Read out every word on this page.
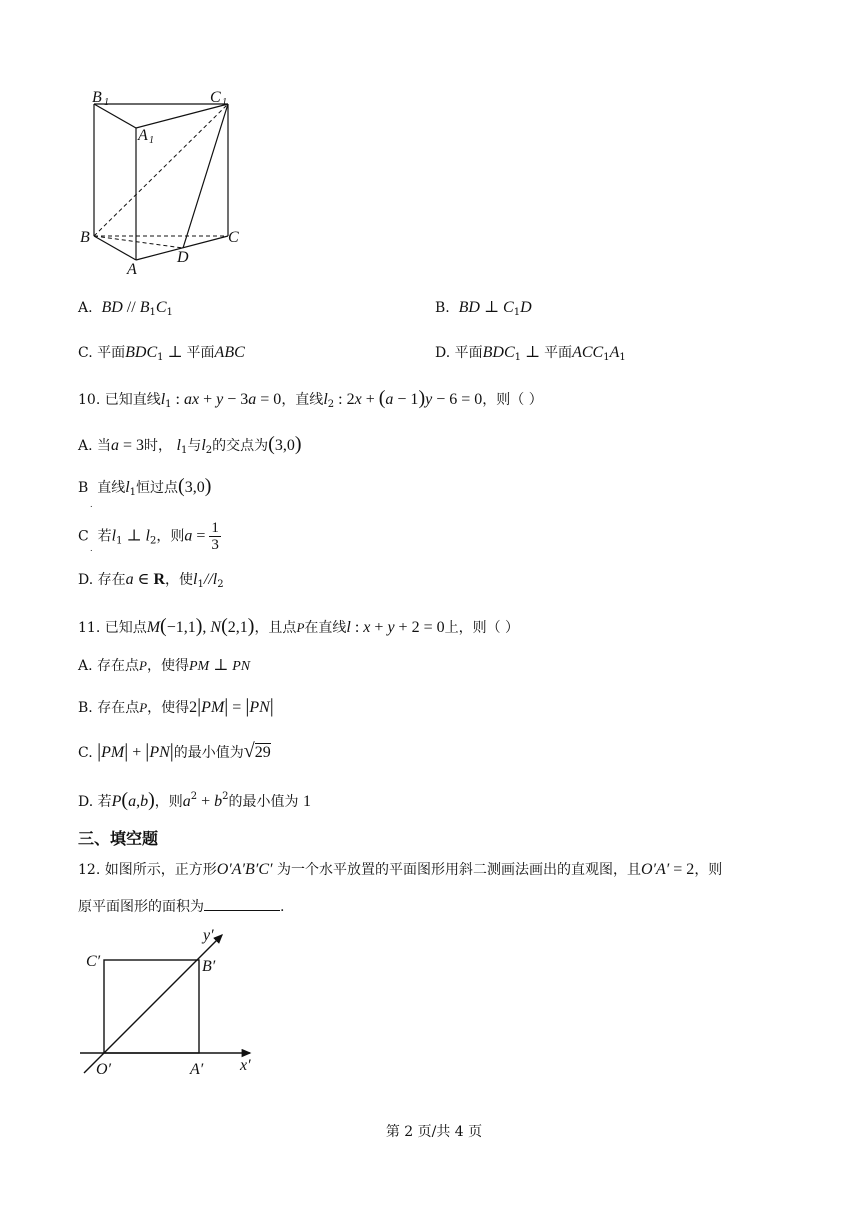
B 1	C 1
A 1
B	C
A
D
A. BD // $B_1C_1$	B. BD ⊥ $C_1D$
C. 平面$BDC_1$ ⊥ 平面ABC	D. 平面$BDC_1$ ⊥ 平面$ACC_1A_1$
10. 已知直线$l_1$ : ax + y − 3a = 0，直线$l_2$ : 2x + (a − 1)y − 6 = 0，则（ ）
A. 当a = 3时， $l_1$与$l_2$的交点为(3,0)
B 直线$l_1$恒过点(3,0)
.
C 若$l_1$ ⊥ $l_2$，则$a = \frac{1}{3}$
.
D. 存在a ∈ R，使$l_1//l_2$
11. 已知点M(−1,1), N(2,1)，且点P在直线l : x + y + 2 = 0上，则（ ）
A. 存在点P，使得PM ⊥ PN
B. 存在点P，使得2|PM| = |PN|
C. |PM| + |PN|的最小值为√29
D. 若P(a,b)，则$a^2 + b^2$的最小值为 1
三、填空题
12. 如图所示，正方形O′A′B′C′ 为一个水平放置的平面图形用斜二测画法画出的直观图，且O′A′ = 2，则
原平面图形的面积为	.
C′	B′
O′	A′ x′
y′
第 2 页/共 4 页
